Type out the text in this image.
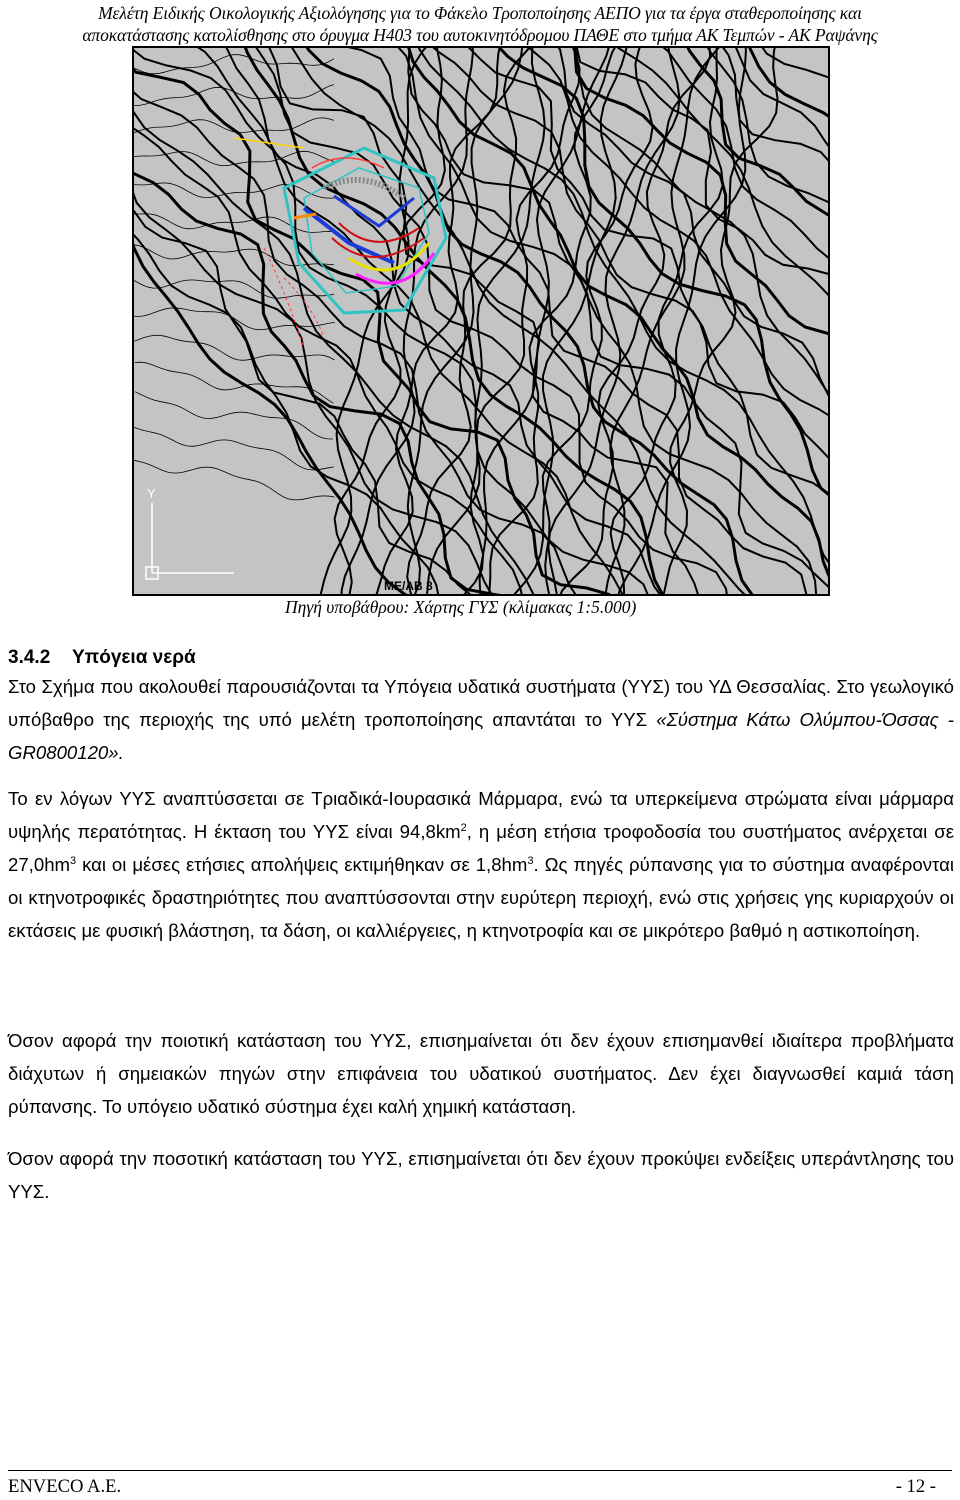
Μελέτη Ειδικής Οικολογικής Αξιολόγησης για το Φάκελο Τροποποίησης ΑΕΠΟ για τα έργα σταθεροποίησης και
αποκατάστασης κατολίσθησης στο όρυγμα Η403 του αυτοκινητόδρομου ΠΑΘΕ στο τμήμα ΑΚ Τεμπών - ΑΚ Ραψάνης
Y
ΜΕ/ΑΒ 8
Πηγή υποβάθρου: Χάρτης ΓΥΣ (κλίμακας 1:5.000)
3.4.2 Υπόγεια νερά
Στο Σχήμα που ακολουθεί παρουσιάζονται τα Υπόγεια υδατικά συστήματα (ΥΥΣ) του ΥΔ Θεσσαλίας. Στο γεωλογικό υπόβαθρο της περιοχής της υπό μελέτη τροποποίησης απαντάται το ΥΥΣ «Σύστημα Κάτω Ολύμπου-Όσσας - GR0800120».
Το εν λόγων ΥΥΣ αναπτύσσεται σε Τριαδικά-Ιουρασικά Μάρμαρα, ενώ τα υπερκείμενα στρώματα είναι μάρμαρα υψηλής περατότητας. Η έκταση του ΥΥΣ είναι $94,8km^2$, η μέση ετήσια τροφοδοσία του συστήματος ανέρχεται σε $27,0hm^3$ και οι μέσες ετήσιες απολήψεις εκτιμήθηκαν σε $1,8hm^3$. Ως πηγές ρύπανσης για το σύστημα αναφέρονται οι κτηνοτροφικές δραστηριότητες που αναπτύσσονται στην ευρύτερη περιοχή, ενώ στις χρήσεις γης κυριαρχούν οι εκτάσεις με φυσική βλάστηση, τα δάση, οι καλλιέργειες, η κτηνοτροφία και σε μικρότερο βαθμό η αστικοποίηση.
Όσον αφορά την ποιοτική κατάσταση του ΥΥΣ, επισημαίνεται ότι δεν έχουν επισημανθεί ιδιαίτερα προβλήματα διάχυτων ή σημειακών πηγών στην επιφάνεια του υδατικού συστήματος. Δεν έχει διαγνωσθεί καμιά τάση ρύπανσης. Το υπόγειο υδατικό σύστημα έχει καλή χημική κατάσταση.
Όσον αφορά την ποσοτική κατάσταση του ΥΥΣ, επισημαίνεται ότι δεν έχουν προκύψει ενδείξεις υπεράντλησης του ΥΥΣ.
ENVECO A.E.	- 12 -
